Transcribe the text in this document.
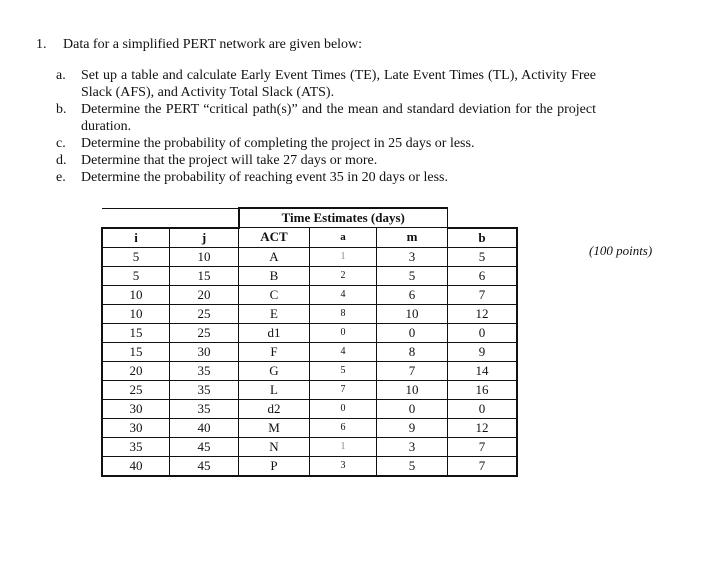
1. Data for a simplified PERT network are given below:
a.	Set up a table and calculate Early Event Times (TE), Late Event Times (TL), Activity Free Slack (AFS), and Activity Total Slack (ATS).
b.	Determine the PERT “critical path(s)” and the mean and standard deviation for the project duration.
c.	Determine the probability of completing the project in 25 days or less.
d.	Determine that the project will take 27 days or more.
e.	Determine the probability of reaching event 35 in 20 days or less.
(100 points)
		Time Estimates (days)			
i	j	ACT	a	m	b
5	10	A	1	3	5
5	15	B	2	5	6
10	20	C	4	6	7
10	25	E	8	10	12
15	25	d1	0	0	0
15	30	F	4	8	9
20	35	G	5	7	14
25	35	L	7	10	16
30	35	d2	0	0	0
30	40	M	6	9	12
35	45	N	1	3	7
40	45	P	3	5	7
